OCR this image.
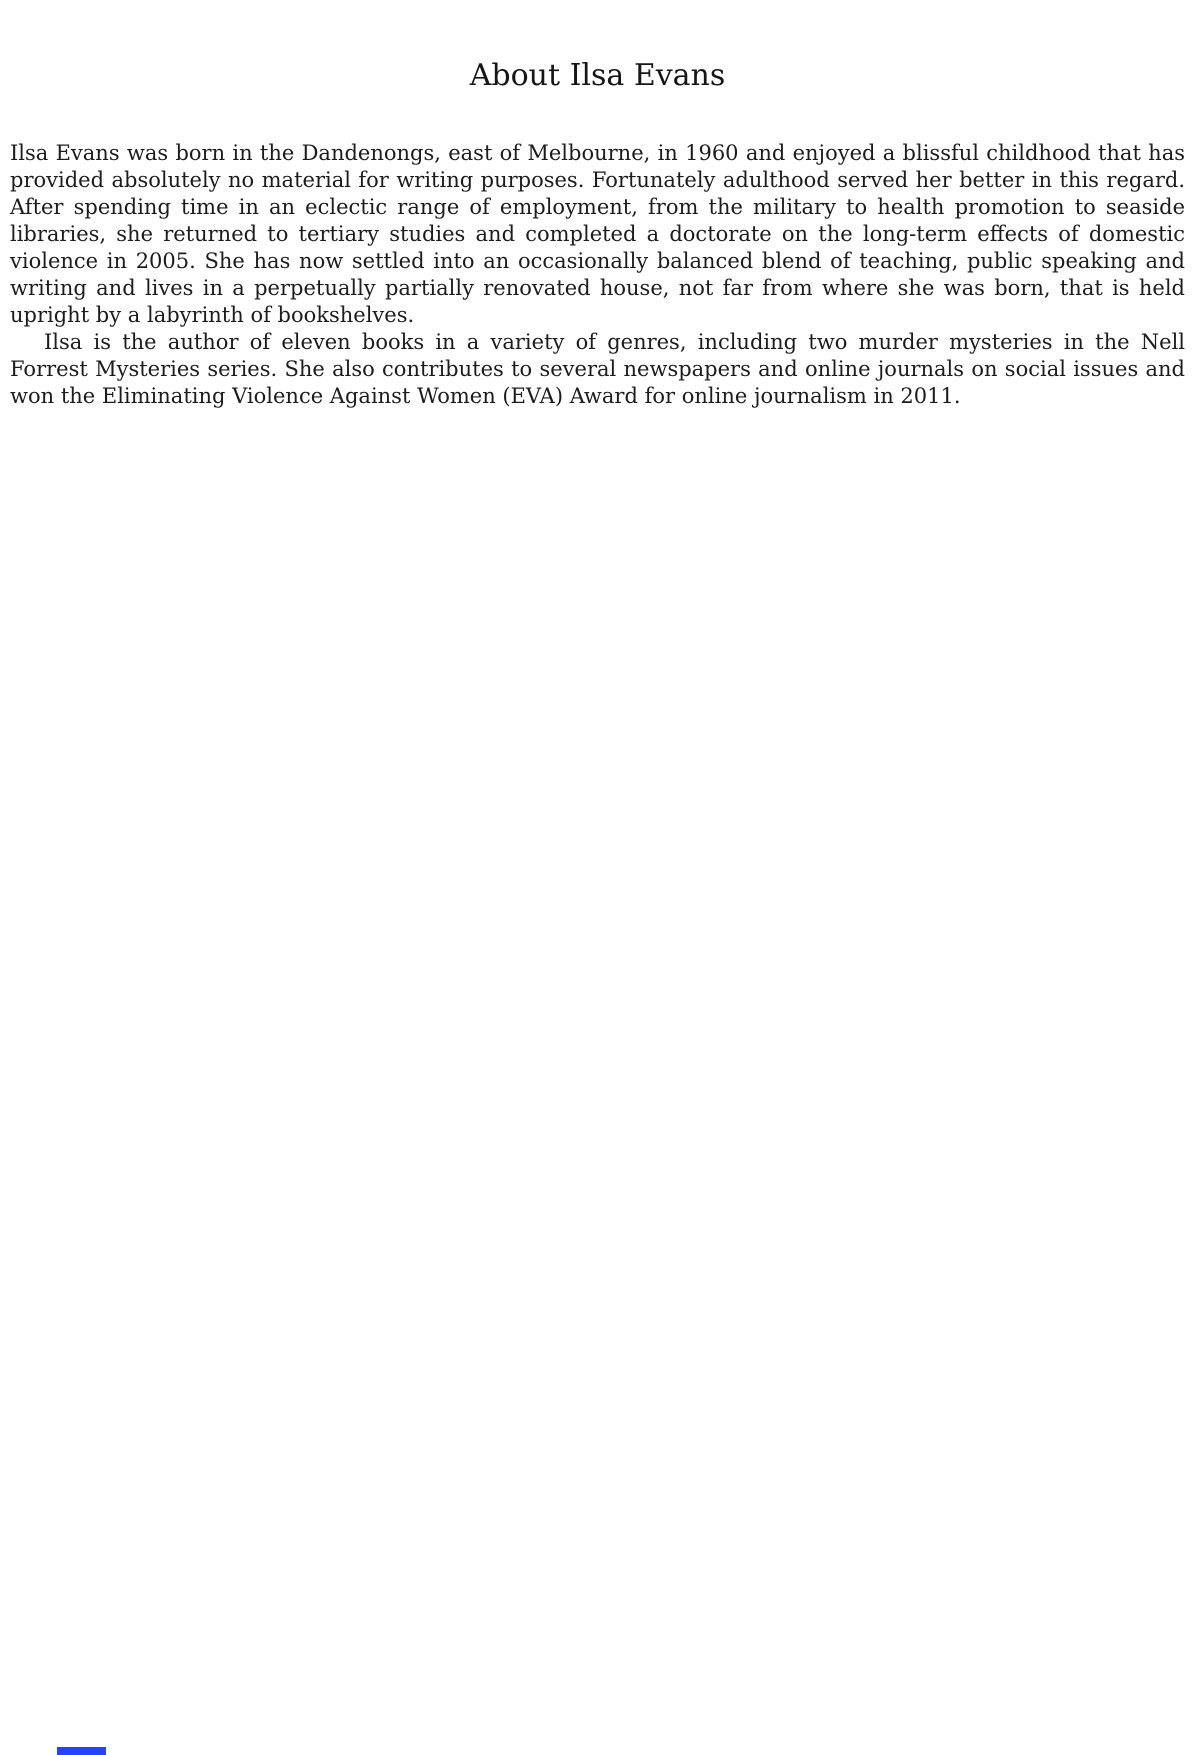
About Ilsa Evans

Ilsa Evans was born in the Dandenongs, east of Melbourne, in 1960 and enjoyed a blissful childhood that has provided absolutely no material for writing purposes. Fortunately adulthood served her better in this regard. After spending time in an eclectic range of employment, from the military to health promotion to seaside libraries, she returned to tertiary studies and completed a doctorate on the long-term effects of domestic violence in 2005. She has now settled into an occasionally balanced blend of teaching, public speaking and writing and lives in a perpetually partially renovated house, not far from where she was born, that is held upright by a labyrinth of bookshelves.

Ilsa is the author of eleven books in a variety of genres, including two murder mysteries in the Nell Forrest Mysteries series. She also contributes to several newspapers and online journals on social issues and won the Eliminating Violence Against Women (EVA) Award for online journalism in 2011.
